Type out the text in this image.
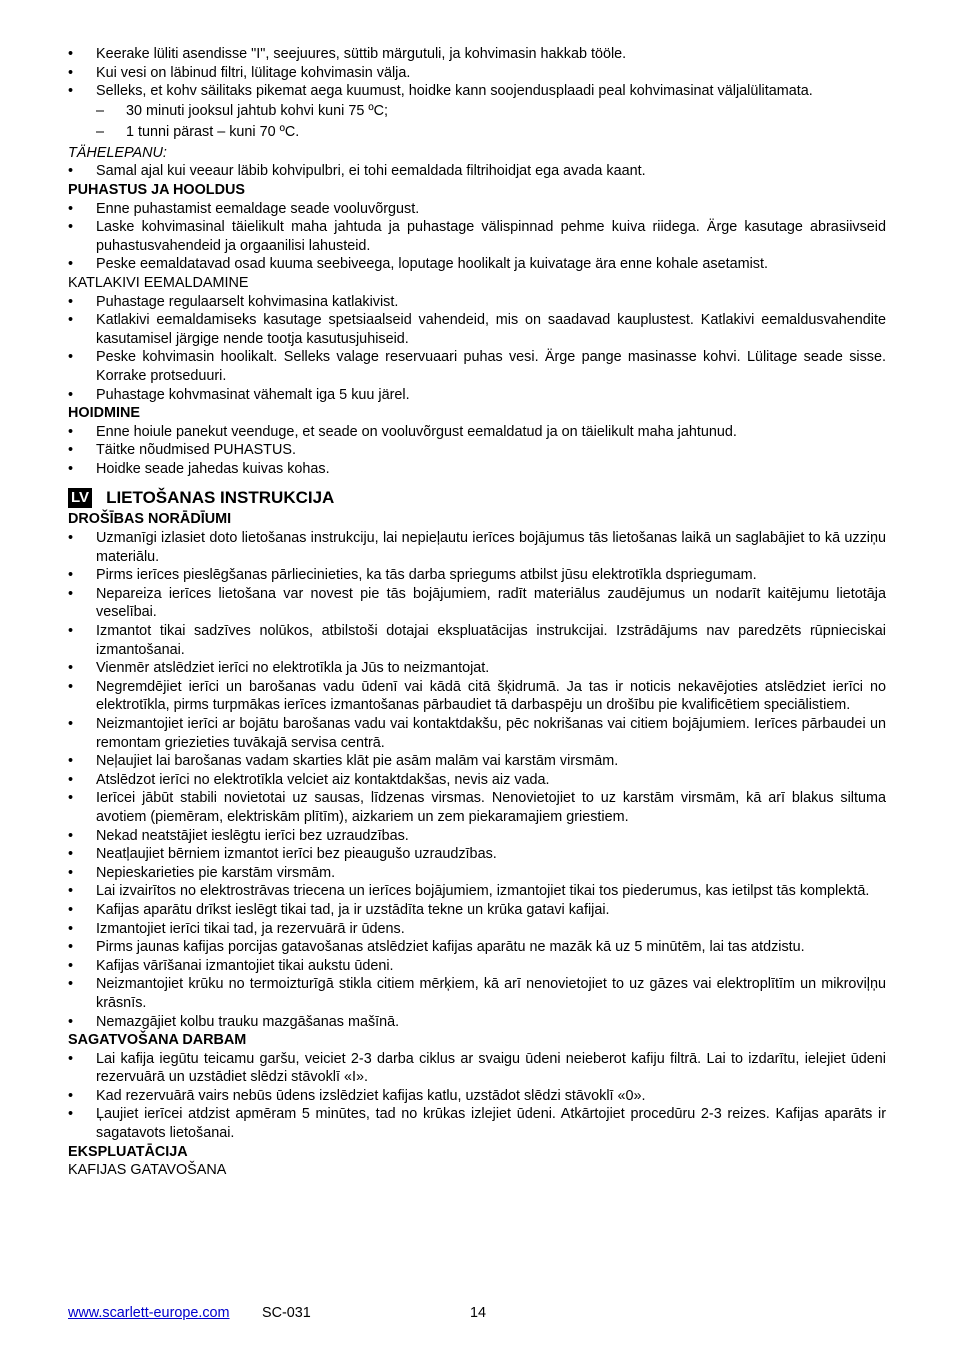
• Keerake lüliti asendisse "I", seejuures, süttib märgutuli, ja kohvimasin hakkab tööle.
• Kui vesi on läbinud filtri, lülitage kohvimasin välja.
• Selleks, et kohv säilitaks pikemat aega kuumust, hoidke kann soojendusplaadi peal kohvimasinat väljalülitamata.
– 30 minuti jooksul jahtub kohvi kuni 75 ºC;
– 1 tunni pärast – kuni 70 ºC.
TÄHELEPANU:
• Samal ajal kui veeaur läbib kohvipulbri, ei tohi eemaldada filtrihoidjat ega avada kaant.
PUHASTUS JA HOOLDUS
• Enne puhastamist eemaldage seade vooluvõrgust.
• Laske kohvimasinal täielikult maha jahtuda ja puhastage välispinnad pehme kuiva riidega. Ärge kasutage abrasiivseid puhastusvahendeid ja orgaanilisi lahusteid.
• Peske eemaldatavad osad kuuma seebiveega, loputage hoolikalt ja kuivatage ära enne kohale asetamist.
KATLAKIVI EEMALDAMINE
• Puhastage regulaarselt kohvimasina katlakivist.
• Katlakivi eemaldamiseks kasutage spetsiaalseid vahendeid, mis on saadavad kauplustest. Katlakivi eemaldusvahendite kasutamisel järgige nende tootja kasutusjuhiseid.
• Peske kohvimasin hoolikalt. Selleks valage reservuaari puhas vesi. Ärge pange masinasse kohvi. Lülitage seade sisse. Korrake protseduuri.
• Puhastage kohvmasinat vähemalt iga 5 kuu järel.
HOIDMINE
• Enne hoiule panekut veenduge, et seade on vooluvõrgust eemaldatud ja on täielikult maha jahtunud.
• Täitke nõudmised PUHASTUS.
• Hoidke seade jahedas kuivas kohas.
LV LIETOŠANAS INSTRUKCIJA
DROŠĪBAS NORĀDĪUMI
• Uzmanīgi izlasiet doto lietošanas instrukciju, lai nepieļautu ierīces bojājumus tās lietošanas laikā un saglabājiet to kā uzziņu materiālu.
• Pirms ierīces pieslēgšanas pārliecinieties, ka tās darba spriegums atbilst jūsu elektrotīkla dspriegumam.
• Nepareiza ierīces lietošana var novest pie tās bojājumiem, radīt materiālus zaudējumus un nodarīt kaitējumu lietotāja veselībai.
• Izmantot tikai sadzīves nolūkos, atbilstoši dotajai ekspluatācijas instrukcijai. Izstrādājums nav paredzēts rūpnieciskai izmantošanai.
• Vienmēr atslēdziet ierīci no elektrotīkla ja Jūs to neizmantojat.
• Negremdējiet ierīci un barošanas vadu ūdenī vai kādā citā šķidrumā. Ja tas ir noticis nekavējoties atslēdziet ierīci no elektrotīkla, pirms turpmākas ierīces izmantošanas pārbaudiet tā darbaspēju un drošību pie kvalificētiem speciālistiem.
• Neizmantojiet ierīci ar bojātu barošanas vadu vai kontaktdakšu, pēc nokrišanas vai citiem bojājumiem. Ierīces pārbaudei un remontam griezieties tuvākajā servisa centrā.
• Neļaujiet lai barošanas vadam skarties klāt pie asām malām vai karstām virsmām.
• Atslēdzot ierīci no elektrotīkla velciet aiz kontaktdakšas, nevis aiz vada.
• Ierīcei jābūt stabili novietotai uz sausas, līdzenas virsmas. Nenovietojiet to uz karstām virsmām, kā arī blakus siltuma avotiem (piemēram, elektriskām plītīm), aizkariem un zem piekaramajiem griestiem.
• Nekad neatstājiet ieslēgtu ierīci bez uzraudzības.
• Neatļaujiet bērniem izmantot ierīci bez pieaugušo uzraudzības.
• Nepieskarieties pie karstām virsmām.
• Lai izvairītos no elektrostrāvas triecena un ierīces bojājumiem, izmantojiet tikai tos piederumus, kas ietilpst tās komplektā.
• Kafijas aparātu drīkst ieslēgt tikai tad, ja ir uzstādīta tekne un krūka gatavi kafijai.
• Izmantojiet ierīci tikai tad, ja rezervuārā ir ūdens.
• Pirms jaunas kafijas porcijas gatavošanas atslēdziet kafijas aparātu ne mazāk kā uz 5 minūtēm, lai tas atdzistu.
• Kafijas vārīšanai izmantojiet tikai aukstu ūdeni.
• Neizmantojiet krūku no termoizturīgā stikla citiem mērķiem, kā arī nenovietojiet to uz gāzes vai elektroplītīm un mikroviļņu krāsnīs.
• Nemazgājiet kolbu trauku mazgāšanas mašīnā.
SAGATVOŠANA DARBAM
• Lai kafija iegūtu teicamu garšu, veiciet 2-3 darba ciklus ar svaigu ūdeni neieberot kafiju filtrā. Lai to izdarītu, ielejiet ūdeni rezervuārā un uzstādiet slēdzi stāvoklī «I».
• Kad rezervuārā vairs nebūs ūdens izslēdziet kafijas katlu, uzstādot slēdzi stāvoklī «0».
• Ļaujiet ierīcei atdzist apmēram 5 minūtes, tad no krūkas izlejiet ūdeni. Atkārtojiet procedūru 2-3 reizes. Kafijas aparāts ir sagatavots lietošanai.
EKSPLUATĀCIJA
KAFIJAS GATAVOŠANA
www.scarlett-europe.com SC-031	14
